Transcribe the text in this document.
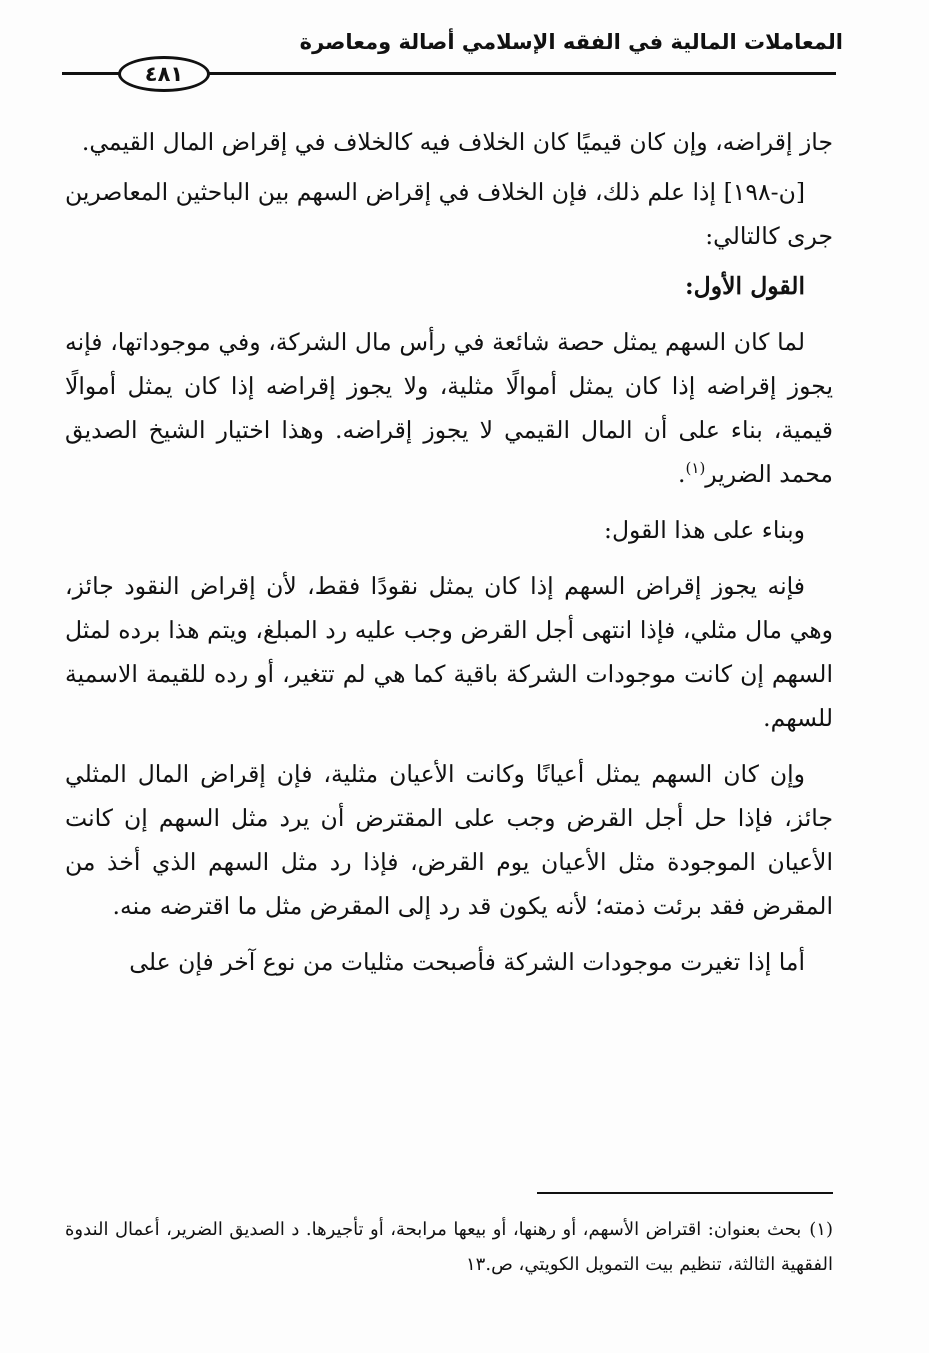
المعاملات المالية في الفقه الإسلامي أصالة ومعاصرة
٤٨١

جاز إقراضه، وإن كان قيميًا كان الخلاف فيه كالخلاف في إقراض المال القيمي.

[ن-١٩٨] إذا علم ذلك، فإن الخلاف في إقراض السهم بين الباحثين المعاصرين جرى كالتالي:

القول الأول:

لما كان السهم يمثل حصة شائعة في رأس مال الشركة، وفي موجوداتها، فإنه يجوز إقراضه إذا كان يمثل أموالًا مثلية، ولا يجوز إقراضه إذا كان يمثل أموالًا قيمية، بناء على أن المال القيمي لا يجوز إقراضه. وهذا اختيار الشيخ الصديق محمد الضرير$^{(١)}$.

وبناء على هذا القول:

فإنه يجوز إقراض السهم إذا كان يمثل نقودًا فقط، لأن إقراض النقود جائز، وهي مال مثلي، فإذا انتهى أجل القرض وجب عليه رد المبلغ، ويتم هذا برده لمثل السهم إن كانت موجودات الشركة باقية كما هي لم تتغير، أو رده للقيمة الاسمية للسهم.

وإن كان السهم يمثل أعيانًا وكانت الأعيان مثلية، فإن إقراض المال المثلي جائز، فإذا حل أجل القرض وجب على المقترض أن يرد مثل السهم إن كانت الأعيان الموجودة مثل الأعيان يوم القرض، فإذا رد مثل السهم الذي أخذ من المقرض فقد برئت ذمته؛ لأنه يكون قد رد إلى المقرض مثل ما اقترضه منه.

أما إذا تغيرت موجودات الشركة فأصبحت مثليات من نوع آخر فإن على

(١)بحث بعنوان: اقتراض الأسهم، أو رهنها، أو بيعها مرابحة، أو تأجيرها. د الصديق الضرير، أعمال الندوة الفقهية الثالثة، تنظيم بيت التمويل الكويتي، ص.١٣
